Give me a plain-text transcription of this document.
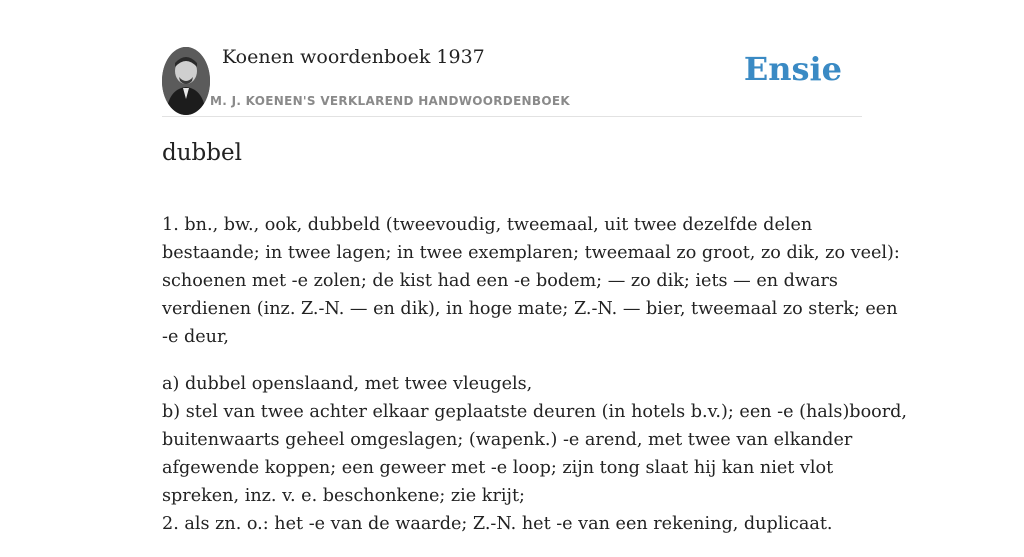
Koenen woordenboek 1937
M. J. KOENEN'S VERKLAREND HANDWOORDENBOEK
Ensie
dubbel

1. bn., bw., ook, dubbeld (tweevoudig, tweemaal, uit twee dezelfde delen
bestaande; in twee lagen; in twee exemplaren; tweemaal zo groot, zo dik, zo veel):
schoenen met -e zolen; de kist had een -e bodem; — zo dik; iets — en dwars
verdienen (inz. Z.-N. — en dik), in hoge mate; Z.-N. — bier, tweemaal zo sterk; een
-e deur,

a) dubbel openslaand, met twee vleugels,
b) stel van twee achter elkaar geplaatste deuren (in hotels b.v.); een -e (hals)boord,
buitenwaarts geheel omgeslagen; (wapenk.) -e arend, met twee van elkander
afgewende koppen; een geweer met -e loop; zijn tong slaat hij kan niet vlot
spreken, inz. v. e. beschonkene; zie krijt;
2. als zn. o.: het -e van de waarde; Z.-N. het -e van een rekening, duplicaat.
